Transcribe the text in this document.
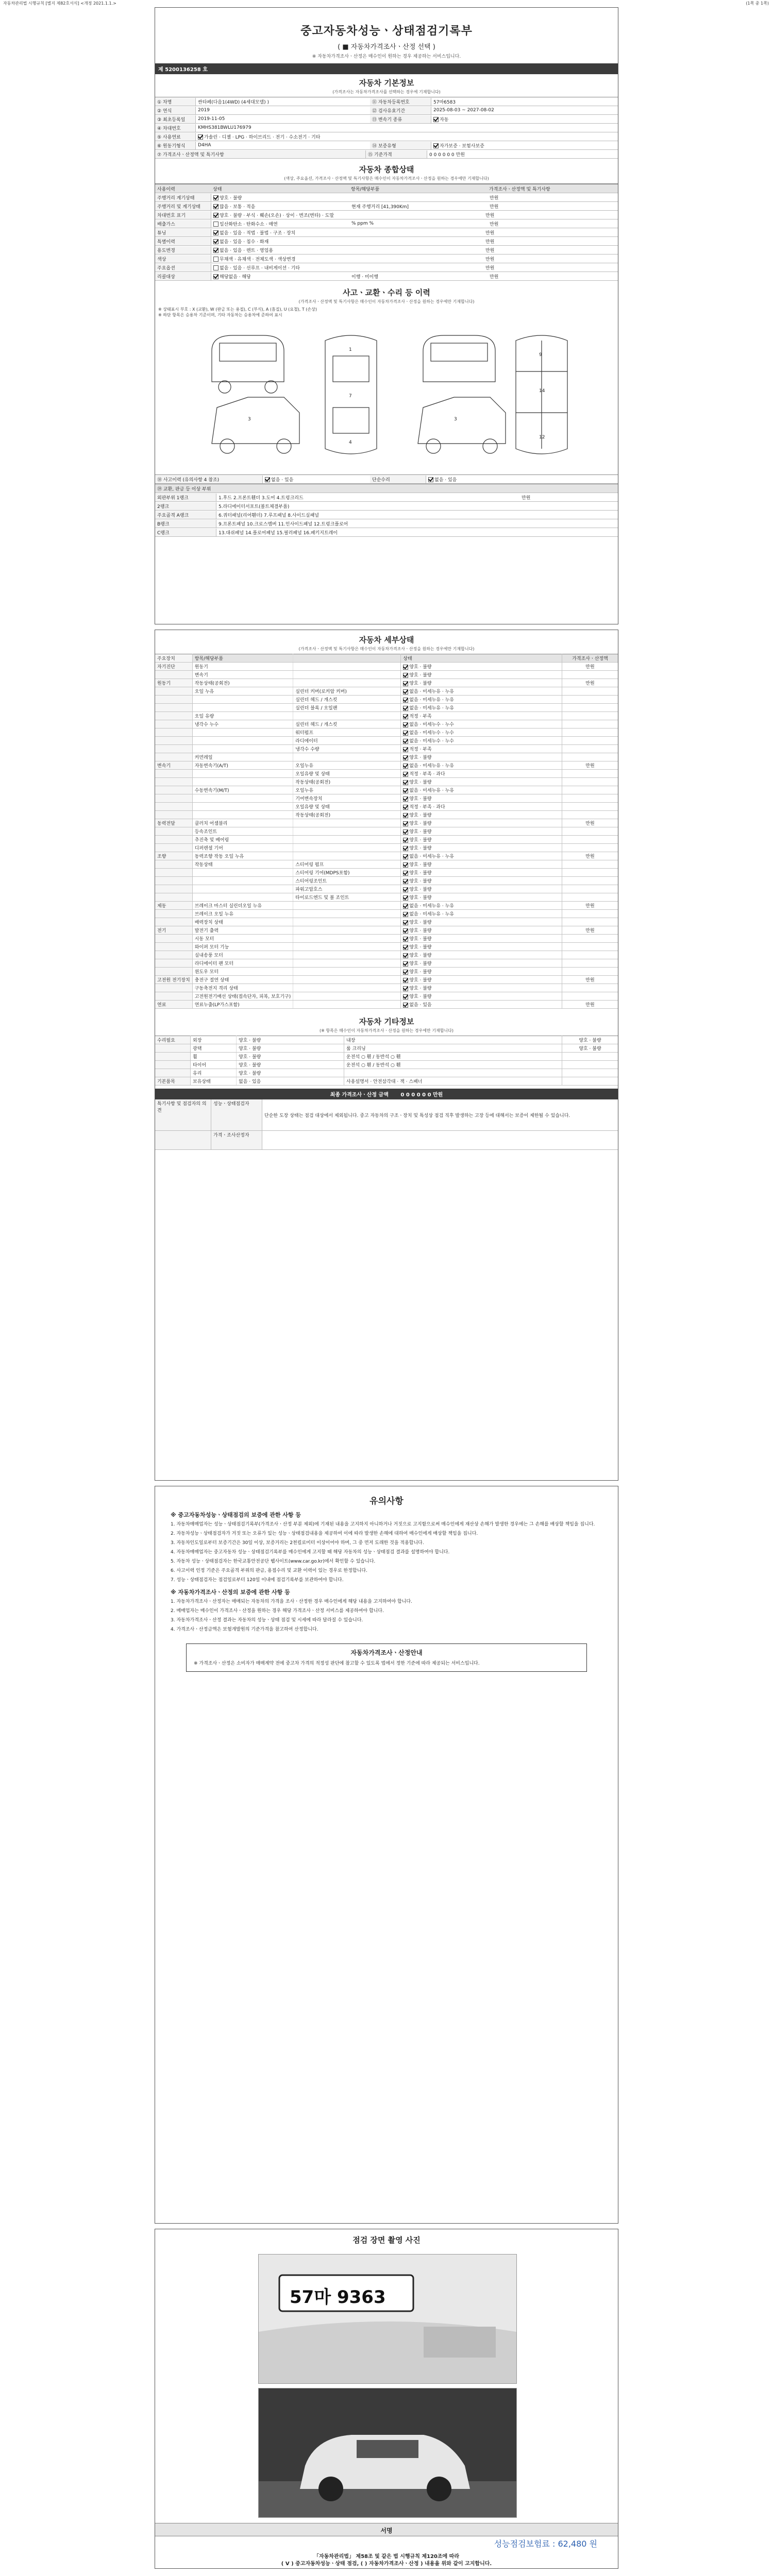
자동차관리법 시행규칙 [별지 제82호서식] <개정 2021.1.1.>	(1쪽 중 1쪽)
중고자동차성능ㆍ상태점검기록부
( ■ 자동차가격조사ㆍ산정 선택 )
※ 자동차가격조사ㆍ산정은 매수인이 원하는 경우 제공하는 서비스입니다.
제 5200136258 호
자동차 기본정보
(가격조사는 자동차가격조사를 선택하는 경우에 기재합니다)
① 차명	싼타페(다음1(4WD) (4세대모델) )	⑪ 자동차등록번호	57마6583
② 연식	2019	⑫ 검사유효기간	2025-08-03 ~ 2027-08-02
③ 최초등록일	2019-11-05	⑬ 변속기 종류	자동
④ 차대번호	KMHS381BWLU176979
⑤ 사용연료	가솔린 · 디젤 · LPG · 하이브리드 · 전기 · 수소전기 · 기타
⑥ 원동기형식	D4HA	⑭ 보증유형	자가보증 · 보험사보증
⑦ 가격조사ㆍ산정액 및 특기사항	⑮ 기준가격	0 0 0 0 0 0 만원
자동차 종합상태
(색상, 주요옵션, 가격조사ㆍ산정액 및 특기사항은 매수인이 자동차가격조사ㆍ산정을 원하는 경우에만 기재합니다)
사용이력	상태	항목/해당부품	가격조사ㆍ산정액 및 특기사항
주행거리 계기상태	양호 · 불량	만원
주행거리 및 계기상태	많음 · 보통 · 적음	현재 주행거리 [41,390Km]	만원
차대번호 표기	양호 · 불량 · 부식 · 훼손(오손) · 상이 · 변조(변타) · 도말	만원
배출가스	일산화탄소 · 탄화수소 · 매연	% ppm %	만원
튜닝	없음 · 있음 · 적법 · 불법 · 구조 · 장치	만원
특별이력	없음 · 있음 · 침수 · 화재	만원
용도변경	없음 · 있음 · 렌트 · 영업용	만원
색상	무채색 · 유채색 · 전체도색 · 색상변경	만원
주요옵션	없음 · 있음 · 선루프 · 내비게이션 · 기타	만원
리콜대상	해당없음 · 해당	이행 · 미이행	만원
사고ㆍ교환ㆍ수리 등 이력
(가격조사ㆍ산정액 및 특기사항은 매수인이 자동차가격조사ㆍ산정을 원하는 경우에만 기재합니다)
※ 상태표시 부호 : X (교환), W (판금 또는 용접), C (부식), A (흠집), U (요철), T (손상)
※ 하단 항목은 승용차 기준이며, 기타 자동차는 승용차에 준하여 표시
1
7
4
9
14
12
3	3
⑱ 사고이력 (유의사항 4 참조)	없음 · 있음	단순수리	없음 · 있음
⑲ 교환, 판금 등 이상 부위
외판부위 1랭크	1.후드 2.프론트휀더 3.도어 4.트렁크리드	만원
2랭크	5.라디에이터서포트(볼트체결부품)
주요골격 A랭크	6.쿼터패널(리어휀더) 7.루프패널 8.사이드실패널
B랭크	9.프론트패널 10.크로스멤버 11.인사이드패널 12.트렁크플로어
C랭크	13.대쉬패널 14.플로어패널 15.필러패널 16.패키지트레이
자동차 세부상태
(가격조사ㆍ산정액 및 특기사항은 매수인이 자동차가격조사ㆍ산정을 원하는 경우에만 기재합니다)
주요장치	항목/해당부품		상태	가격조사ㆍ산정액
자기진단	원동기		양호 · 불량	만원
	변속기		양호 · 불량	
원동기	작동상태(공회전)		양호 · 불량	만원
	오일 누유	실린더 커버(로커암 커버)	없음 · 미세누유 · 누유	
		실린더 헤드 / 개스킷	없음 · 미세누유 · 누유	
		실린더 블록 / 오일팬	없음 · 미세누유 · 누유	
	오일 유량		적정 · 부족	
	냉각수 누수	실린더 헤드 / 개스킷	없음 · 미세누수 · 누수	
		워터펌프	없음 · 미세누수 · 누수	
		라디에이터	없음 · 미세누수 · 누수	
		냉각수 수량	적정 · 부족	
	커먼레일		양호 · 불량	
변속기	자동변속기(A/T)	오일누유	없음 · 미세누유 · 누유	만원
		오일유량 및 상태	적정 · 부족 · 과다	
		작동상태(공회전)	양호 · 불량	
	수동변속기(M/T)	오일누유	없음 · 미세누유 · 누유	
		기어변속장치	양호 · 불량	
		오일유량 및 상태	적정 · 부족 · 과다	
		작동상태(공회전)	양호 · 불량	
동력전달	클러치 어셈블리		양호 · 불량	만원
	등속조인트		양호 · 불량	
	추진축 및 베어링		양호 · 불량	
	디퍼렌셜 기어		양호 · 불량	
조향	동력조향 작동 오일 누유		없음 · 미세누유 · 누유	만원
	작동상태	스티어링 펌프	양호 · 불량	
		스티어링 기어(MDPS포함)	양호 · 불량	
		스티어링조인트	양호 · 불량	
		파워고압호스	양호 · 불량	
		타이로드엔드 및 볼 조인트	양호 · 불량	
제동	브레이크 마스터 실린더오일 누유		없음 · 미세누유 · 누유	만원
	브레이크 오일 누유		없음 · 미세누유 · 누유	
	배력장치 상태		양호 · 불량	
전기	발전기 출력		양호 · 불량	만원
	시동 모터		양호 · 불량	
	와이퍼 모터 기능		양호 · 불량	
	실내송풍 모터		양호 · 불량	
	라디에이터 팬 모터		양호 · 불량	
	윈도우 모터		양호 · 불량	
고전원 전기장치	충전구 절연 상태		양호 · 불량	만원
	구동축전지 격리 상태		양호 · 불량	
	고전원전기배선 상태(접속단자, 피복, 보호기구)		양호 · 불량	
연료	연료누출(LP가스포함)		없음 · 있음	만원
자동차 기타정보
(※ 항목은 매수인이 자동차가격조사ㆍ산정을 원하는 경우에만 기재합니다)
수리필요	외장	양호 · 불량	내장	양호 · 불량
	광택	양호 · 불량	룸 크리닝	양호 · 불량
	휠	양호 · 불량	운전석 ○ 휀 / 동반석 ○ 휀	
	타이어	양호 · 불량	운전석 ○ 휀 / 동반석 ○ 휀	
	유리	양호 · 불량		
기본품목	보유상태	없음 · 있음	사용설명서 · 안전삼각대 · 잭 · 스패너	
최종 가격조사ㆍ산정 금액 0 0 0 0 0 0 만원
특기사항 및 점검자의 의견
성능ㆍ상태점검자
단순한 도장 상태는 점검 대상에서 제외됩니다. 중고 자동차의 구조ㆍ장치 및 특성상 점검 직후 발생하는 고장 등에 대해서는 보증이 제한될 수 있습니다.
가격ㆍ조사산정자
유의사항

※ 중고자동차성능ㆍ상태점검의 보증에 관한 사항 등

1. 자동차매매업자는 성능ㆍ상태점검기록부(가격조사ㆍ산정 부분 제외)에 기재된 내용을 고지하지 아니하거나 거짓으로 고지함으로써 매수인에게 재산상 손해가 발생한 경우에는 그 손해를 배상할 책임을 집니다.

2. 자동차성능ㆍ상태점검자가 거짓 또는 오류가 있는 성능ㆍ상태점검내용을 제공하여 이에 따라 발생한 손해에 대하여 매수인에게 배상할 책임을 집니다.

3. 자동차인도일로부터 보증기간은 30일 이상, 보증거리는 2천킬로미터 이상이어야 하며, 그 중 먼저 도래한 것을 적용합니다.

4. 자동차매매업자는 중고자동차 성능ㆍ상태점검기록부를 매수인에게 고지할 때 해당 자동차의 성능ㆍ상태점검 결과를 설명하여야 합니다.

5. 자동차 성능ㆍ상태점검자는 한국교통안전공단 웹사이트(www.car.go.kr)에서 확인할 수 있습니다.

6. 사고이력 인정 기준은 주요골격 부위의 판금, 용접수리 및 교환 이력이 있는 경우로 한정합니다.

7. 성능ㆍ상태점검자는 점검일로부터 120일 이내에 점검기록부를 보관하여야 합니다.

※ 자동차가격조사ㆍ산정의 보증에 관한 사항 등

1. 자동차가격조사ㆍ산정자는 매매되는 자동차의 가격을 조사ㆍ산정한 경우 매수인에게 해당 내용을 고지하여야 합니다.

2. 매매업자는 매수인이 가격조사ㆍ산정을 원하는 경우 해당 가격조사ㆍ산정 서비스를 제공하여야 합니다.

3. 자동차가격조사ㆍ산정 결과는 자동차의 성능ㆍ상태 점검 및 시세에 따라 달라질 수 있습니다.

4. 가격조사ㆍ산정금액은 보험개발원의 기준가격을 참고하여 산정합니다.

자동차가격조사ㆍ산정안내
※ 가격조사ㆍ산정은 소비자가 매매계약 전에 중고차 가격의 적정성 판단에 참고할 수 있도록 법에서 정한 기준에 따라 제공되는 서비스입니다.
점검 장면 촬영 사진
57마 9363
서명
성능점검보험료 : 62,480 원
「자동차관리법」 제58조 및 같은 법 시행규칙 제120조에 따라
( V ) 중고자동차성능ㆍ상태 점검, ( ) 자동차가격조사ㆍ산정 ) 내용을 위와 같이 고지합니다.
